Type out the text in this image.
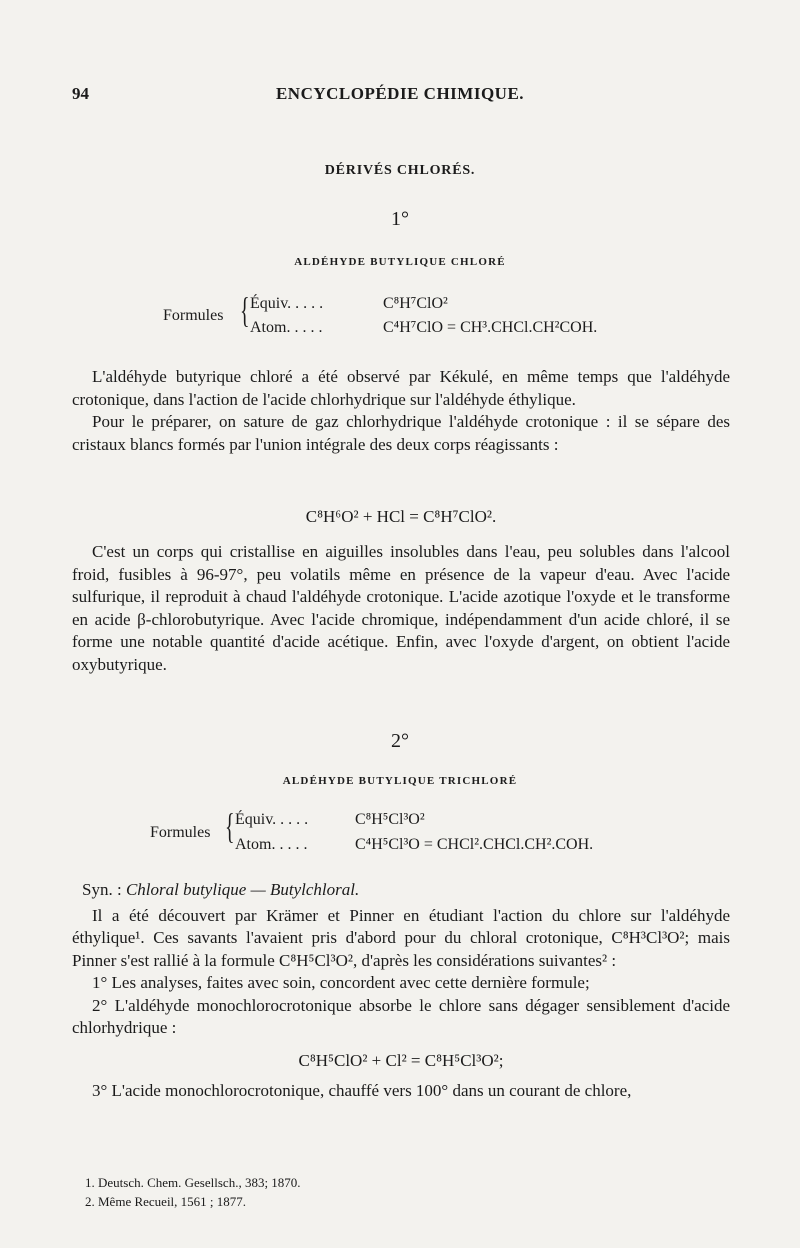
94	ENCYCLOPÉDIE CHIMIQUE.
DÉRIVÉS CHLORÉS.
1°
ALDÉHYDE BUTYLIQUE CHLORÉ
Formules { Équiv. . . . .	C⁸H⁷ClO²
Atom. . . . .	C⁴H⁷ClO = CH³.CHCl.CH²COH.

L'aldéhyde butyrique chloré a été observé par Kékulé, en même temps que l'aldéhyde crotonique, dans l'action de l'acide chlorhydrique sur l'aldéhyde éthylique.

Pour le préparer, on sature de gaz chlorhydrique l'aldéhyde crotonique : il se sépare des cristaux blancs formés par l'union intégrale des deux corps réagissants :

C⁸H⁶O² + HCl = C⁸H⁷ClO².

C'est un corps qui cristallise en aiguilles insolubles dans l'eau, peu solubles dans l'alcool froid, fusibles à 96-97°, peu volatils même en présence de la vapeur d'eau. Avec l'acide sulfurique, il reproduit à chaud l'aldéhyde crotonique. L'acide azotique l'oxyde et le transforme en acide β-chlorobutyrique. Avec l'acide chromique, indépendamment d'un acide chloré, il se forme une notable quantité d'acide acétique. Enfin, avec l'oxyde d'argent, on obtient l'acide oxybutyrique.

2°
ALDÉHYDE BUTYLIQUE TRICHLORÉ
Formules { Équiv. . . . .	C⁸H⁵Cl³O²
Atom. . . . .	C⁴H⁵Cl³O = CHCl².CHCl.CH².COH.

Syn. : Chloral butylique — Butylchloral.

Il a été découvert par Krämer et Pinner en étudiant l'action du chlore sur l'aldéhyde éthylique¹. Ces savants l'avaient pris d'abord pour du chloral crotonique, C⁸H³Cl³O²; mais Pinner s'est rallié à la formule C⁸H⁵Cl³O², d'après les considérations suivantes² :

1° Les analyses, faites avec soin, concordent avec cette dernière formule;

2° L'aldéhyde monochlorocrotonique absorbe le chlore sans dégager sensiblement d'acide chlorhydrique :

C⁸H⁵ClO² + Cl² = C⁸H⁵Cl³O²;

3° L'acide monochlorocrotonique, chauffé vers 100° dans un courant de chlore,

1. Deutsch. Chem. Gesellsch., 383; 1870.
2. Même Recueil, 1561 ; 1877.
